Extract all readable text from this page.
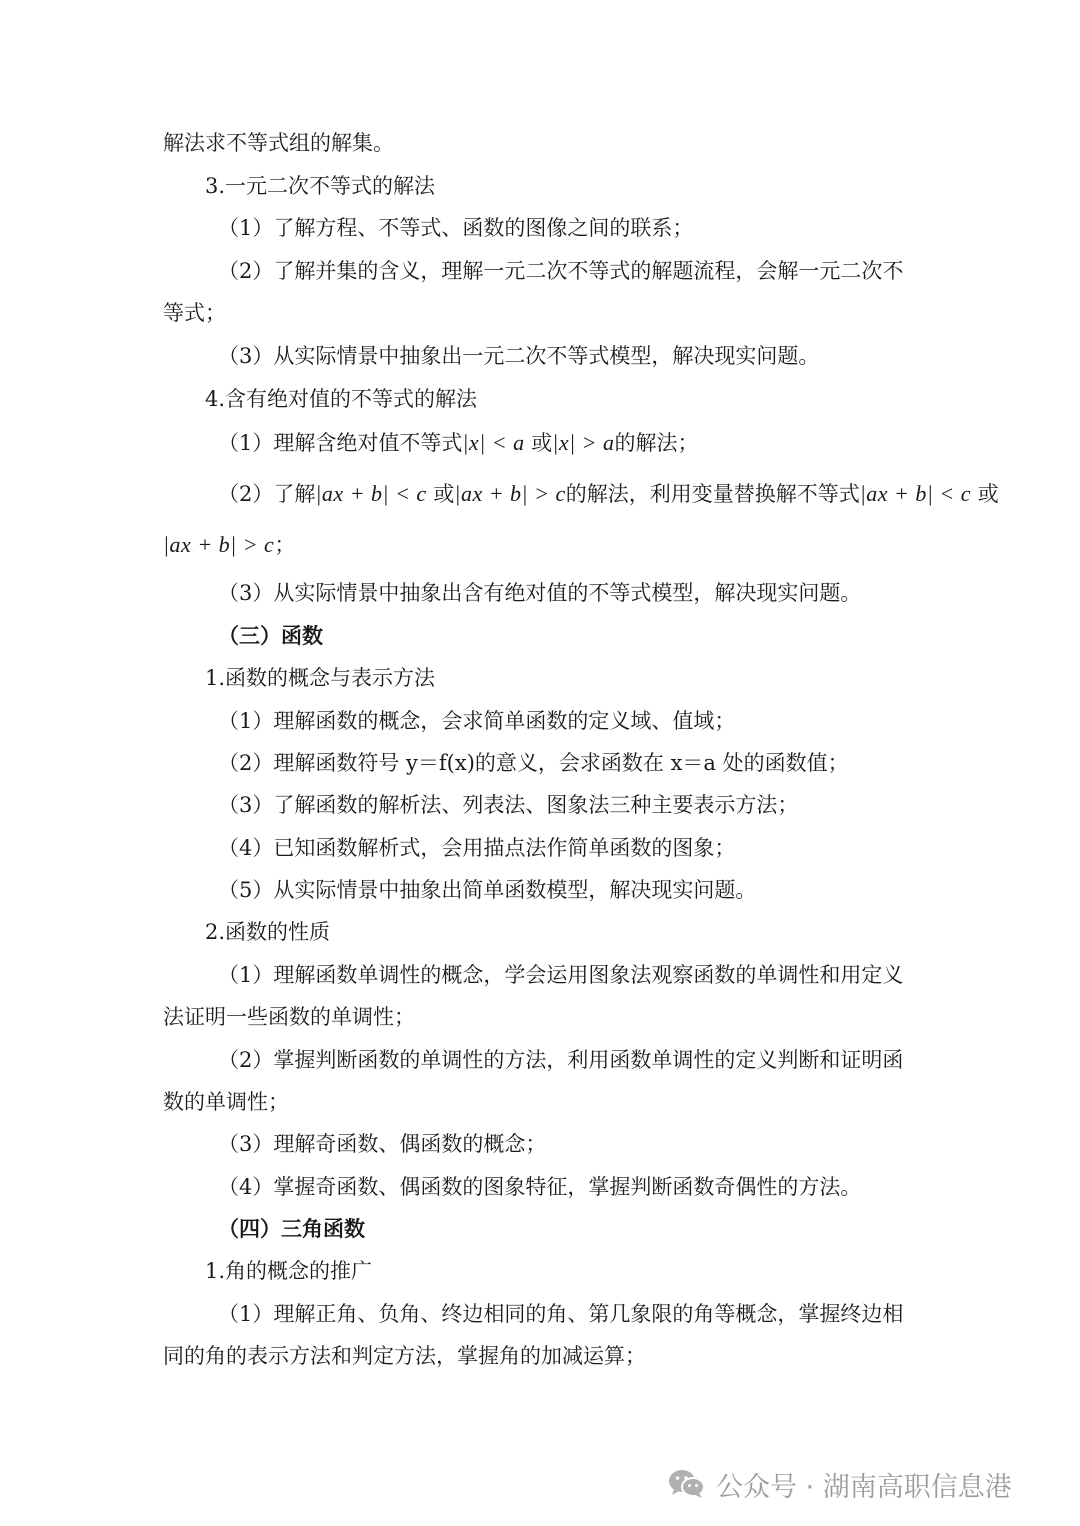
解法求不等式组的解集。

3.一元二次不等式的解法

（1）了解方程、不等式、函数的图像之间的联系；

（2）了解并集的含义，理解一元二次不等式的解题流程，会解一元二次不

等式；

（3）从实际情景中抽象出一元二次不等式模型，解决现实问题。

4.含有绝对值的不等式的解法

（1）理解含绝对值不等式|x| < a 或|x| > a的解法；

（2）了解|ax + b| < c 或|ax + b| > c的解法，利用变量替换解不等式|ax + b| < c 或

|ax + b| > c；

（3）从实际情景中抽象出含有绝对值的不等式模型，解决现实问题。

（三）函数

1.函数的概念与表示方法

（1）理解函数的概念，会求简单函数的定义域、值域；

（2）理解函数符号 y＝f(x)的意义，会求函数在 x＝a 处的函数值；

（3）了解函数的解析法、列表法、图象法三种主要表示方法；

（4）已知函数解析式，会用描点法作简单函数的图象；

（5）从实际情景中抽象出简单函数模型，解决现实问题。

2.函数的性质

（1）理解函数单调性的概念，学会运用图象法观察函数的单调性和用定义

法证明一些函数的单调性；

（2）掌握判断函数的单调性的方法，利用函数单调性的定义判断和证明函

数的单调性；

（3）理解奇函数、偶函数的概念；

（4）掌握奇函数、偶函数的图象特征，掌握判断函数奇偶性的方法。

（四）三角函数

1.角的概念的推广

（1）理解正角、负角、终边相同的角、第几象限的角等概念，掌握终边相

同的角的表示方法和判定方法，掌握角的加减运算；

公众号 · 湖南高职信息港
